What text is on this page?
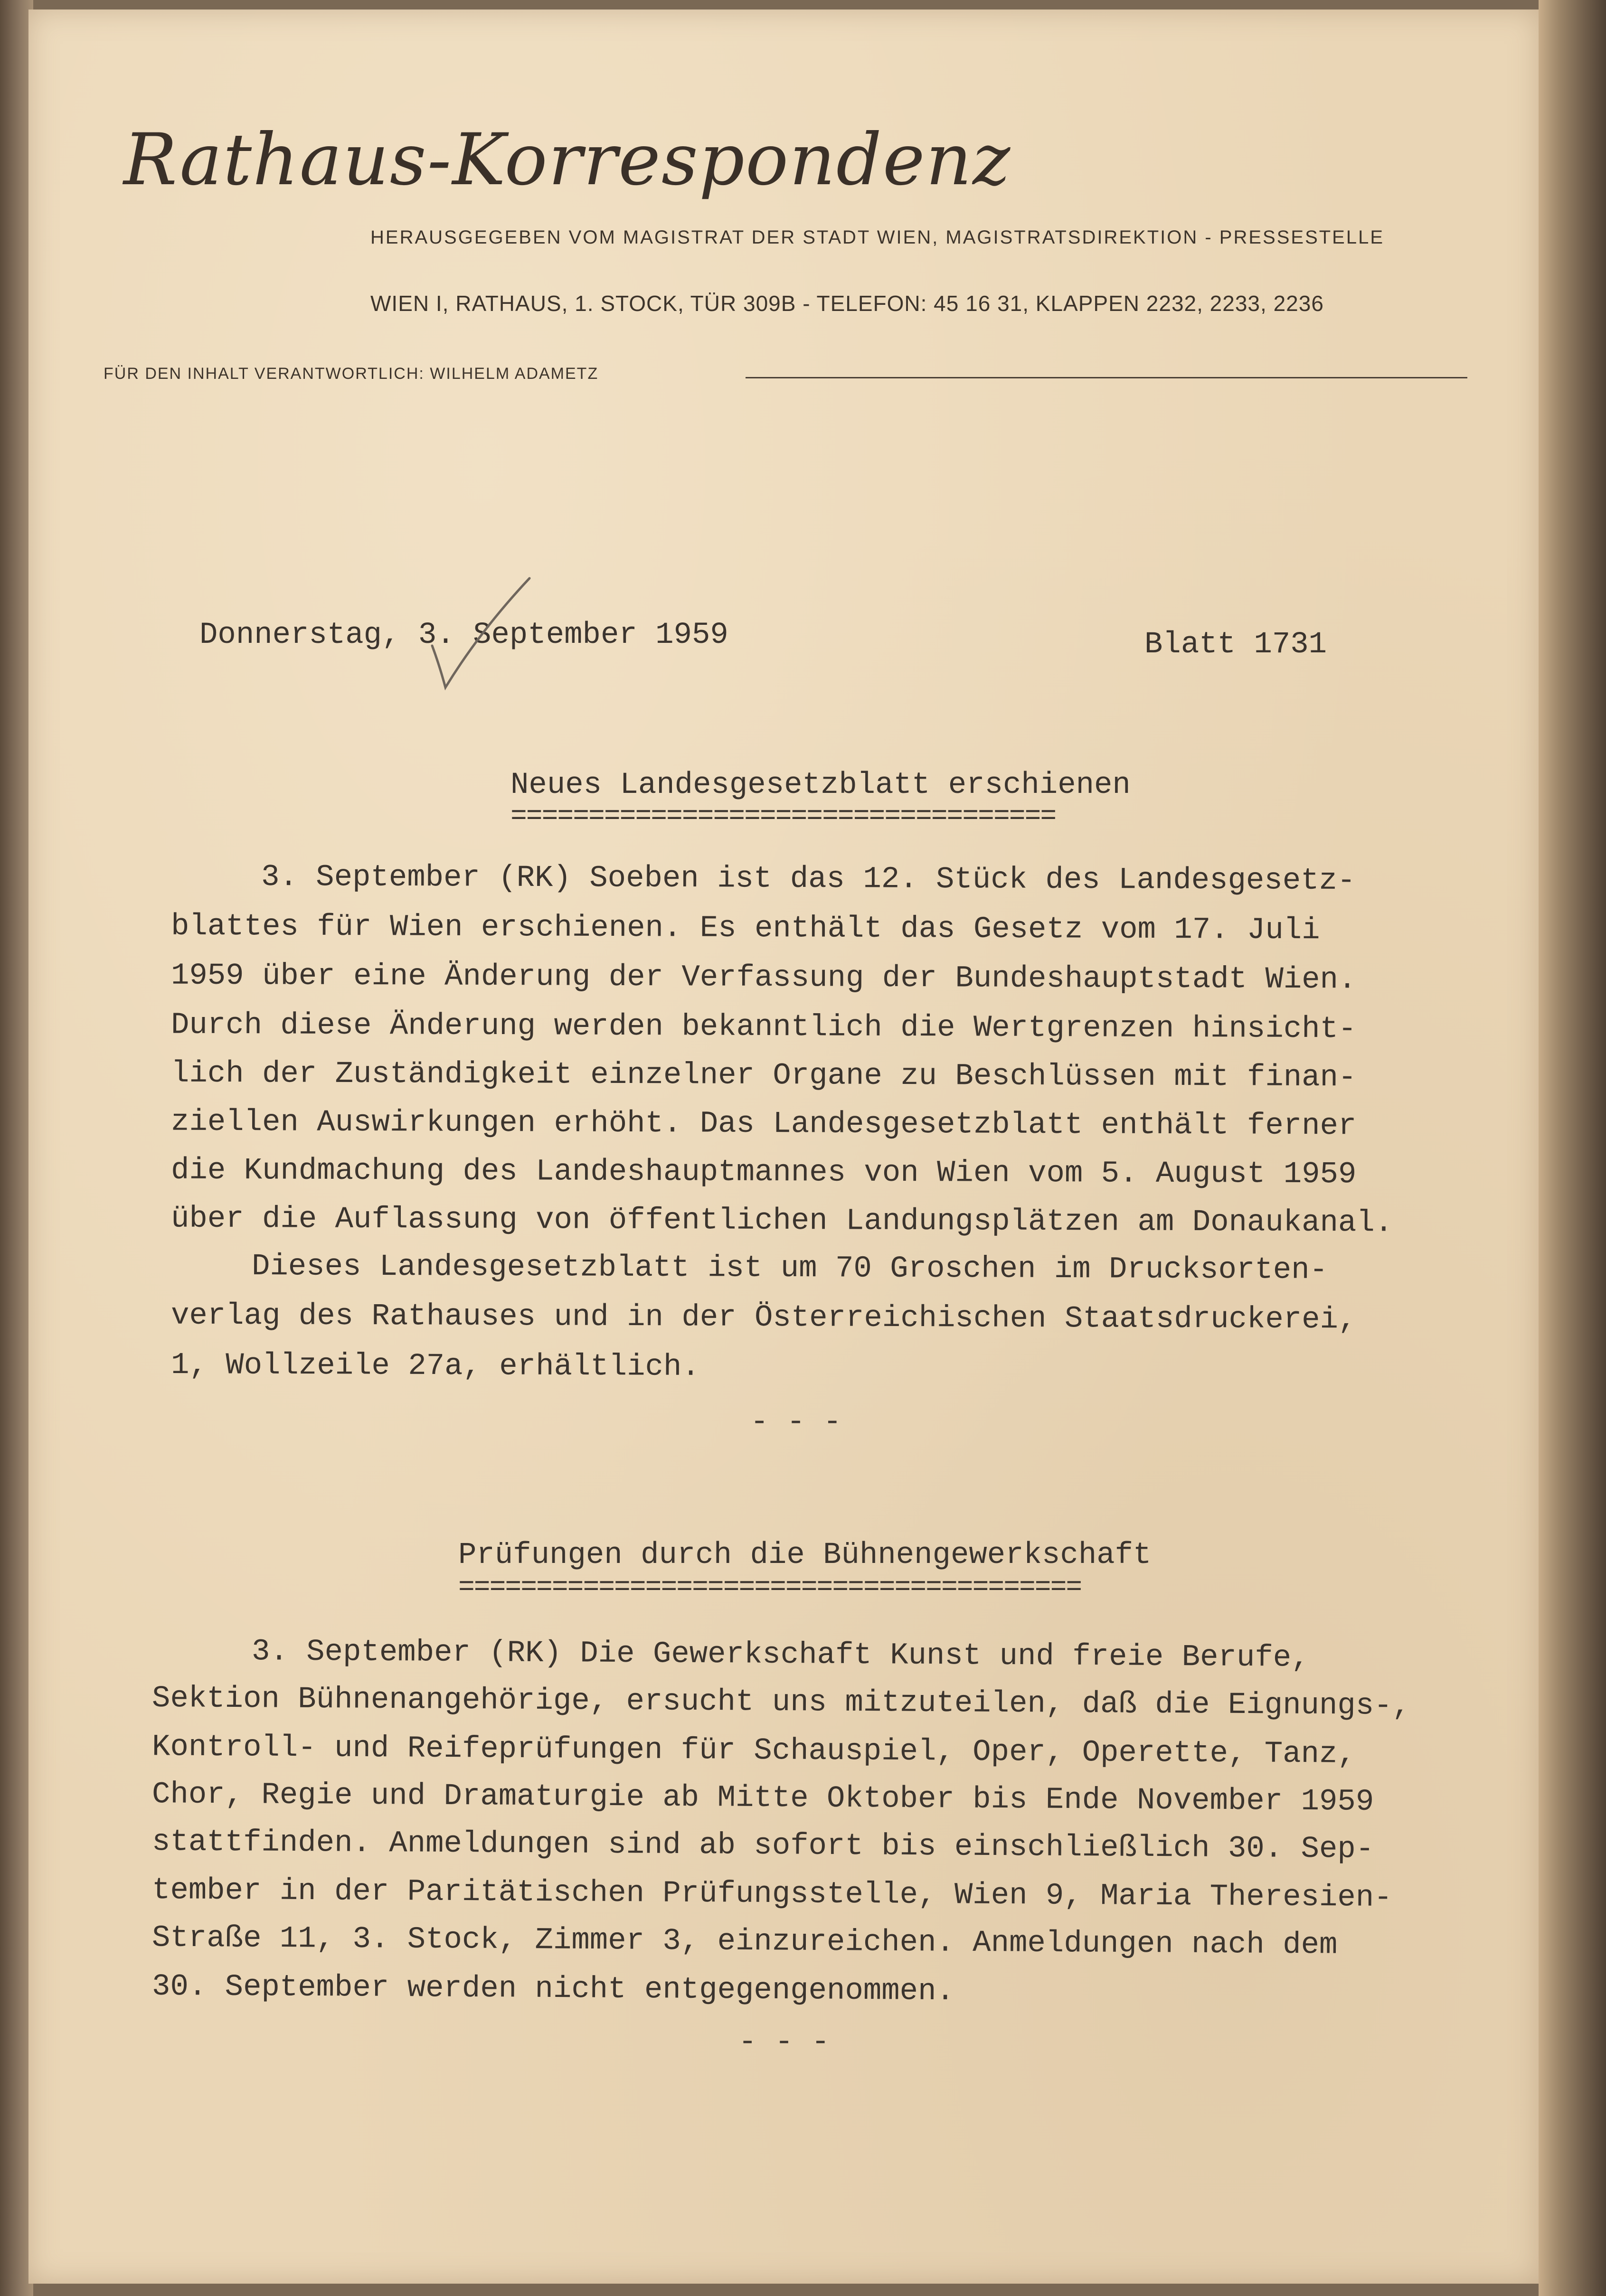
Rathaus-Korrespondenz
HERAUSGEGEBEN VOM MAGISTRAT DER STADT WIEN, MAGISTRATSDIREKTION - PRESSESTELLE
WIEN I, RATHAUS, 1. STOCK, TÜR 309B - TELEFON: 45 16 31, KLAPPEN 2232, 2233, 2236
FÜR DEN INHALT VERANTWORTLICH: WILHELM ADAMETZ
Donnerstag, 3. September 1959	Blatt 1731
Neues Landesgesetzblatt erschienen
===================================
3. September (RK) Soeben ist das 12. Stück des Landesgesetz-
blattes für Wien erschienen. Es enthält das Gesetz vom 17. Juli
1959 über eine Änderung der Verfassung der Bundeshauptstadt Wien.
Durch diese Änderung werden bekanntlich die Wertgrenzen hinsicht-
lich der Zuständigkeit einzelner Organe zu Beschlüssen mit finan-
ziellen Auswirkungen erhöht. Das Landesgesetzblatt enthält ferner
die Kundmachung des Landeshauptmannes von Wien vom 5. August 1959
über die Auflassung von öffentlichen Landungsplätzen am Donaukanal.
Dieses Landesgesetzblatt ist um 70 Groschen im Drucksorten-
verlag des Rathauses und in der Österreichischen Staatsdruckerei,
1, Wollzeile 27a, erhältlich.
- - -
Prüfungen durch die Bühnengewerkschaft
========================================
3. September (RK) Die Gewerkschaft Kunst und freie Berufe,
Sektion Bühnenangehörige, ersucht uns mitzuteilen, daß die Eignungs-,
Kontroll- und Reifeprüfungen für Schauspiel, Oper, Operette, Tanz,
Chor, Regie und Dramaturgie ab Mitte Oktober bis Ende November 1959
stattfinden. Anmeldungen sind ab sofort bis einschließlich 30. Sep-
tember in der Paritätischen Prüfungsstelle, Wien 9, Maria Theresien-
Straße 11, 3. Stock, Zimmer 3, einzureichen. Anmeldungen nach dem
30. September werden nicht entgegengenommen.
- - -
